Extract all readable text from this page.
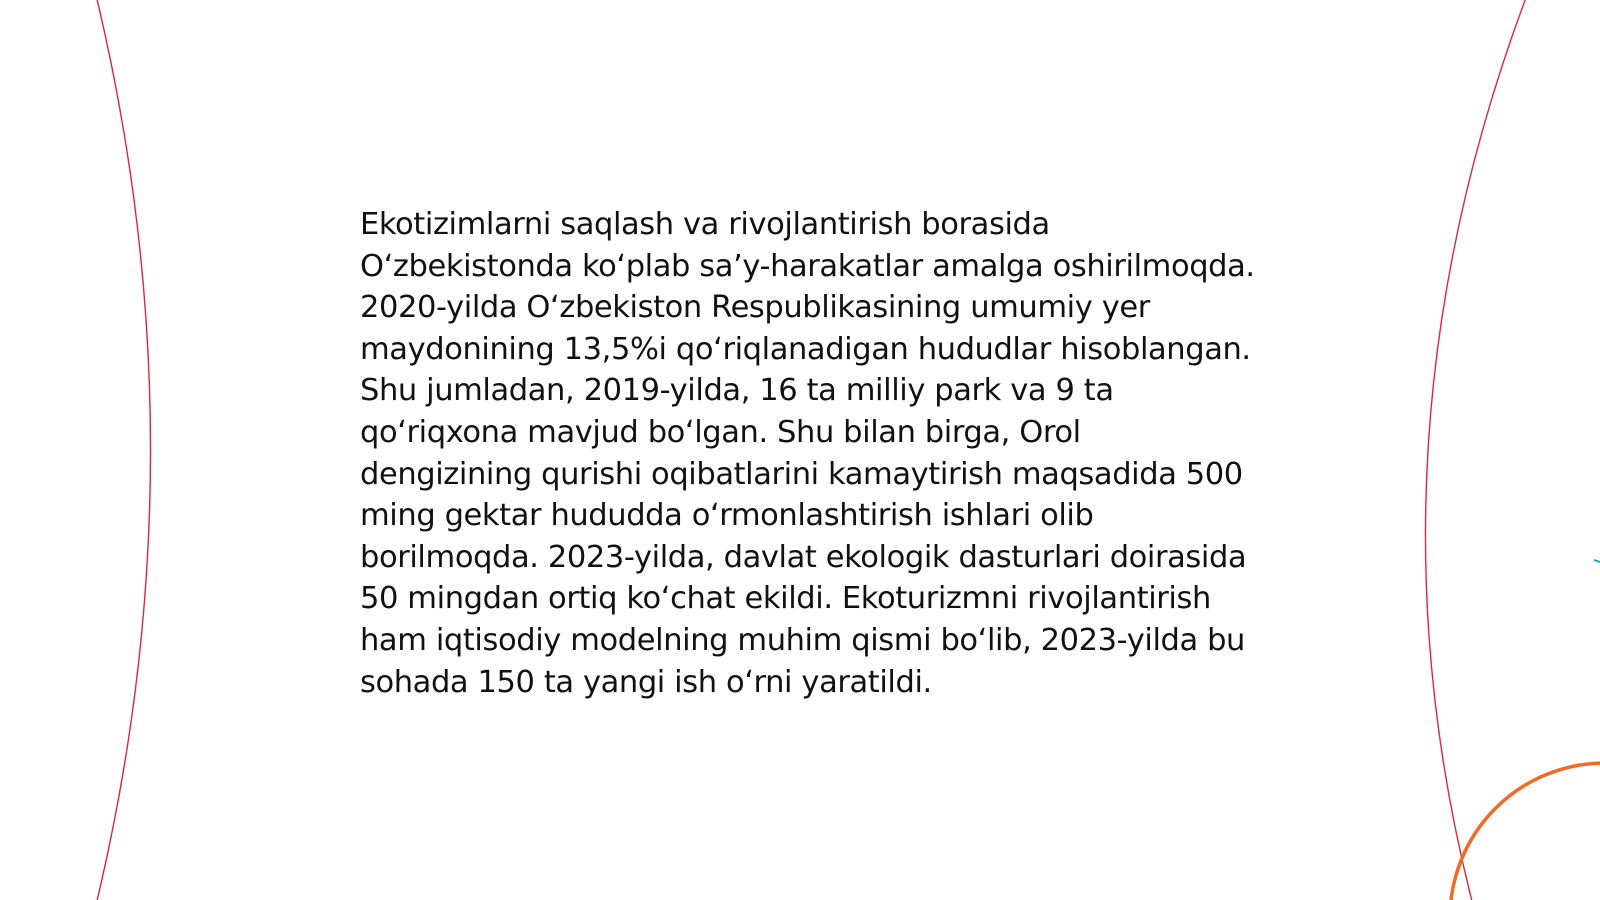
Ekotizimlarni saqlash va rivojlantirish borasida O‘zbekistonda ko‘plab sa’y-harakatlar amalga oshirilmoqda. 2020-yilda O‘zbekiston Respublikasining umumiy yer maydonining 13,5%i qo‘riqlanadigan hududlar hisoblangan. Shu jumladan, 2019-yilda, 16 ta milliy park va 9 ta qo‘riqxona mavjud bo‘lgan. Shu bilan birga, Orol dengizining qurishi oqibatlarini kamaytirish maqsadida 500 ming gektar hududda o‘rmonlashtirish ishlari olib borilmoqda. 2023-yilda, davlat ekologik dasturlari doirasida 50 mingdan ortiq ko‘chat ekildi. Ekoturizmni rivojlantirish ham iqtisodiy modelning muhim qismi bo‘lib, 2023-yilda bu sohada 150 ta yangi ish o‘rni yaratildi.
